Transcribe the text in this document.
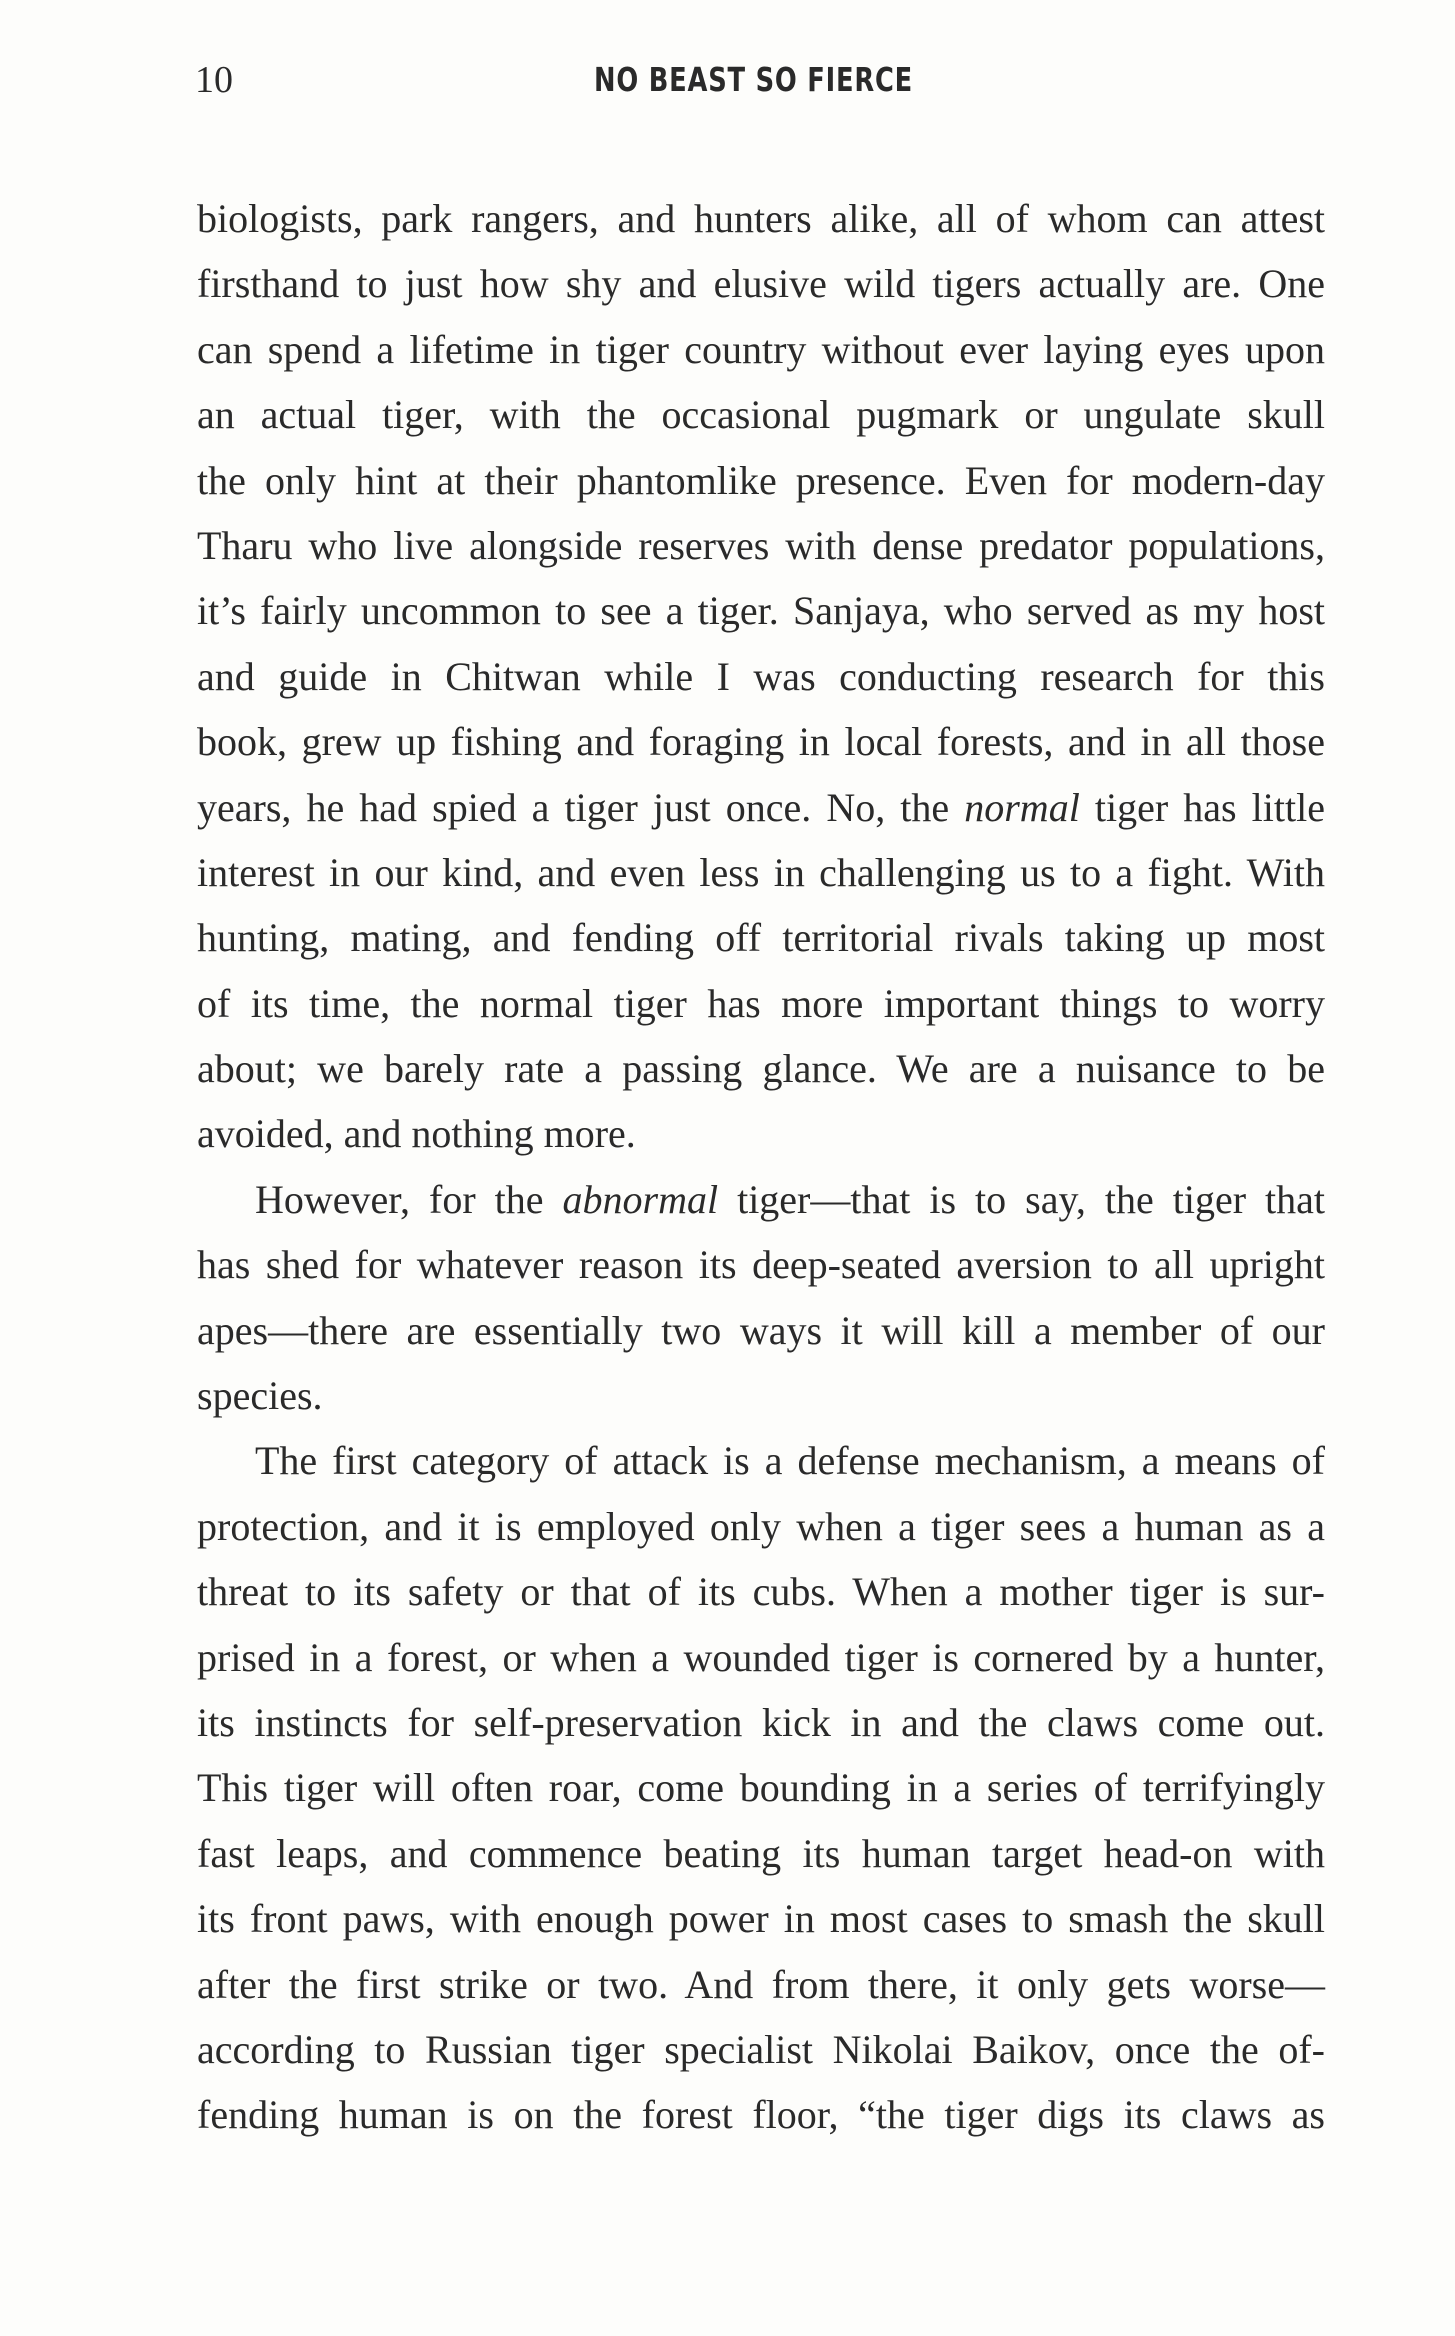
10	NO BEAST SO FIERCE
biologists, park rangers, and hunters alike, all of whom can attest
firsthand to just how shy and elusive wild tigers actually are. One
can spend a lifetime in tiger country without ever laying eyes upon
an actual tiger, with the occasional pugmark or ungulate skull
the only hint at their phantomlike presence. Even for modern-day
Tharu who live alongside reserves with dense predator populations,
it’s fairly uncommon to see a tiger. Sanjaya, who served as my host
and guide in Chitwan while I was conducting research for this
book, grew up fishing and foraging in local forests, and in all those
years, he had spied a tiger just once. No, the normal tiger has little
interest in our kind, and even less in challenging us to a fight. With
hunting, mating, and fending off territorial rivals taking up most
of its time, the normal tiger has more important things to worry
about; we barely rate a passing glance. We are a nuisance to be
avoided, and nothing more.
However, for the abnormal tiger—that is to say, the tiger that
has shed for whatever reason its deep-seated aversion to all upright
apes—there are essentially two ways it will kill a member of our
species.
The first category of attack is a defense mechanism, a means of
protection, and it is employed only when a tiger sees a human as a
threat to its safety or that of its cubs. When a mother tiger is sur-
prised in a forest, or when a wounded tiger is cornered by a hunter,
its instincts for self-preservation kick in and the claws come out.
This tiger will often roar, come bounding in a series of terrifyingly
fast leaps, and commence beating its human target head-on with
its front paws, with enough power in most cases to smash the skull
after the first strike or two. And from there, it only gets worse—
according to Russian tiger specialist Nikolai Baikov, once the of-
fending human is on the forest floor, “the tiger digs its claws as
